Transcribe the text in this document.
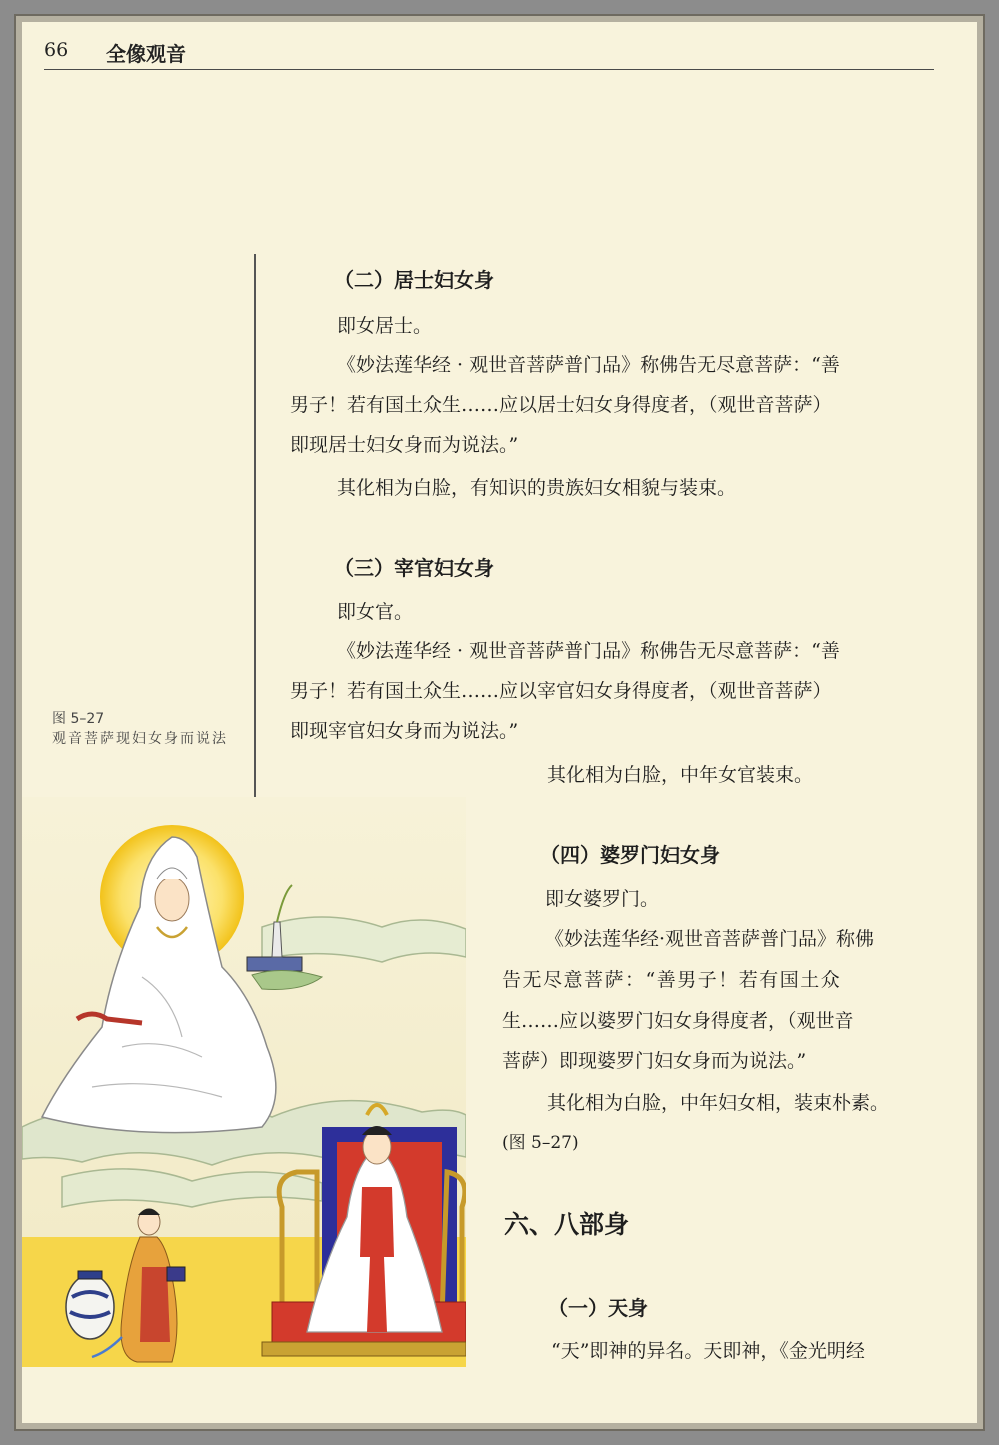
66 全像观音
图 5–27
观音菩萨现妇女身而说法
（二）居士妇女身
即女居士。
《妙法莲华经 · 观世音菩萨普门品》称佛告无尽意菩萨：“善
男子！若有国土众生……应以居士妇女身得度者，（观世音菩萨）
即现居士妇女身而为说法。”
其化相为白脸，有知识的贵族妇女相貌与装束。
（三）宰官妇女身
即女官。
《妙法莲华经 · 观世音菩萨普门品》称佛告无尽意菩萨：“善
男子！若有国土众生……应以宰官妇女身得度者，（观世音菩萨）
即现宰官妇女身而为说法。”
其化相为白脸，中年女官装束。
（四）婆罗门妇女身
即女婆罗门。
《妙法莲华经·观世音菩萨普门品》称佛
告无尽意菩萨：“善男子！若有国土众
生……应以婆罗门妇女身得度者，（观世音
菩萨）即现婆罗门妇女身而为说法。”
其化相为白脸，中年妇女相，装束朴素。
(图 5–27)
六、八部身
（一）天身
“天”即神的异名。天即神，《金光明经
